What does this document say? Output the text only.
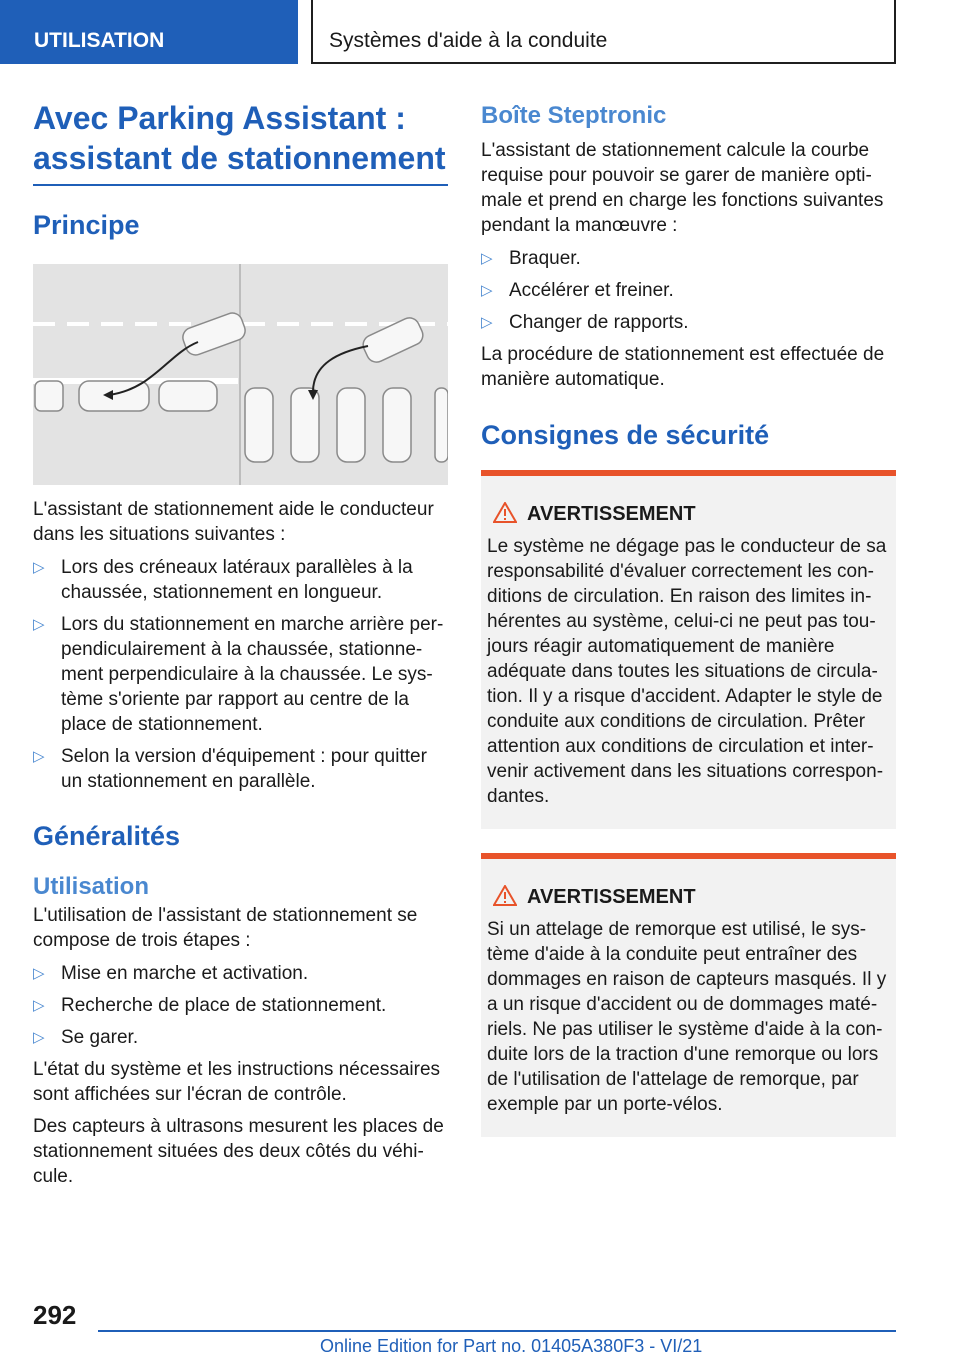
UTILISATION	Systèmes d'aide à la conduite
Avec Parking Assistant : assistant de stationnement
Principe

L'assistant de stationnement aide le conducteur dans les situations suivantes :

▷ Lors des créneaux latéraux parallèles à la chaussée, stationnement en longueur.
▷ Lors du stationnement en marche arrière per‐pendiculairement à la chaussée, stationne‐ment perpendiculaire à la chaussée. Le sys‐tème s'oriente par rapport au centre de la place de stationnement.
▷ Selon la version d'équipement : pour quitter un stationnement en parallèle.
Généralités
Utilisation

L'utilisation de l'assistant de stationnement se compose de trois étapes :

▷ Mise en marche et activation.
▷ Recherche de place de stationnement.
▷ Se garer.

L'état du système et les instructions nécessaires sont affichées sur l'écran de contrôle.

Des capteurs à ultrasons mesurent les places de stationnement situées des deux côtés du véhi‐cule.

Boîte Steptronic

L'assistant de stationnement calcule la courbe requise pour pouvoir se garer de manière opti‐male et prend en charge les fonctions suivantes pendant la manœuvre :

▷ Braquer.
▷ Accélérer et freiner.
▷ Changer de rapports.

La procédure de stationnement est effectuée de manière automatique.

Consignes de sécurité
AVERTISSEMENT

Le système ne dégage pas le conducteur de sa responsabilité d'évaluer correctement les con‐ditions de circulation. En raison des limites in‐hérentes au système, celui-ci ne peut pas tou‐jours réagir automatiquement de manière adéquate dans toutes les situations de circula‐tion. Il y a risque d'accident. Adapter le style de conduite aux conditions de circulation. Prêter attention aux conditions de circulation et inter‐venir activement dans les situations correspon‐dantes.

AVERTISSEMENT

Si un attelage de remorque est utilisé, le sys‐tème d'aide à la conduite peut entraîner des dommages en raison de capteurs masqués. Il y a un risque d'accident ou de dommages maté‐riels. Ne pas utiliser le système d'aide à la con‐duite lors de la traction d'une remorque ou lors de l'utilisation de l'attelage de remorque, par exemple par un porte-vélos.

292
Online Edition for Part no. 01405A380F3 - VI/21
